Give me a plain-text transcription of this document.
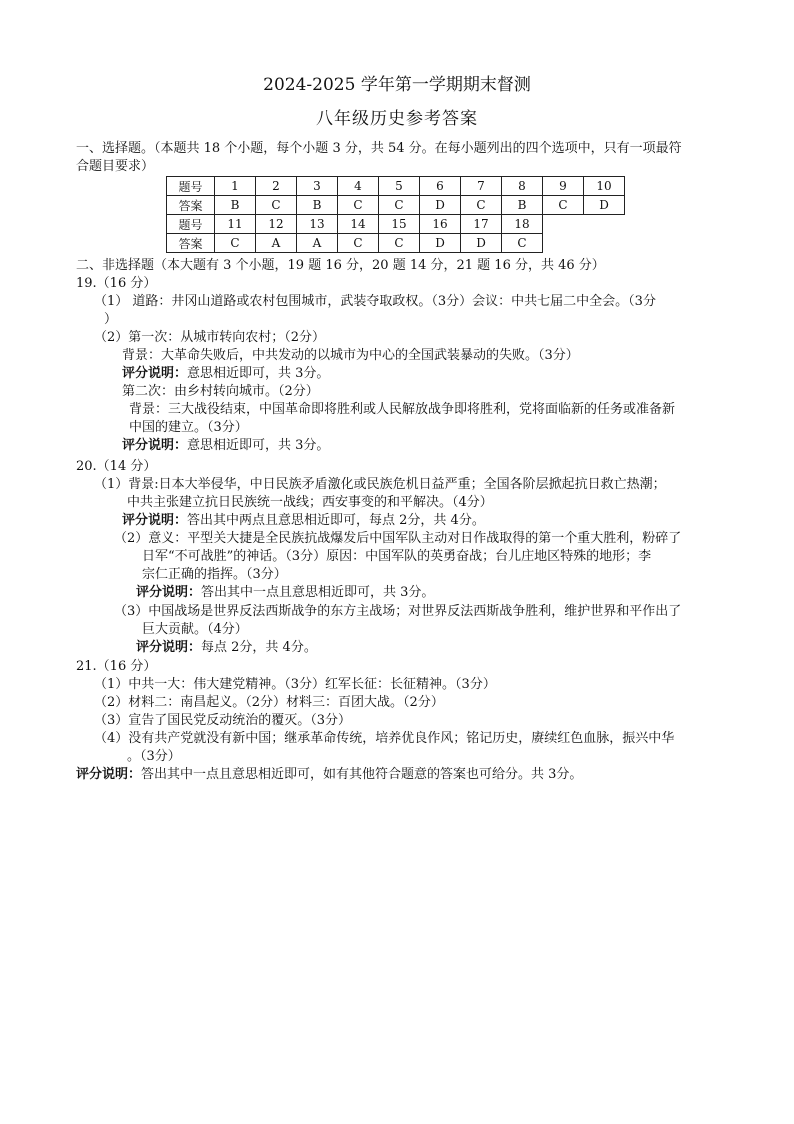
2024-2025 学年第一学期期末督测
八年级历史参考答案
一、选择题。（本题共 18 个小题，每个小题 3 分，共 54 分。在每小题列出的四个选项中，只有一项最符
合题目要求）
题号	1	2	3	4	5	6	7	8	9	10
答案	B	C	B	C	C	D	C	B	C	D
题号	11	12	13	14	15	16	17	18		
答案	C	A	A	C	C	D	D	C		
二、非选择题（本大题有 3 个小题，19 题 16 分，20 题 14 分，21 题 16 分，共 46 分）
19.（16 分）
（1） 道路：井冈山道路或农村包围城市，武装夺取政权。（3分）会议：中共七届二中全会。（3分
）
（2）第一次：从城市转向农村；（2分）
背景：大革命失败后，中共发动的以城市为中心的全国武装暴动的失败。（3分）
评分说明：意思相近即可，共 3分。
第二次：由乡村转向城市。（2分）
背景：三大战役结束，中国革命即将胜利或人民解放战争即将胜利，党将面临新的任务或准备新
中国的建立。（3分）
评分说明：意思相近即可，共 3分。
20.（14 分）
（1）背景:日本大举侵华，中日民族矛盾激化或民族危机日益严重；全国各阶层掀起抗日救亡热潮；
中共主张建立抗日民族统一战线；西安事变的和平解决。（4分）
评分说明：答出其中两点且意思相近即可，每点 2分，共 4分。
（2）意义：平型关大捷是全民族抗战爆发后中国军队主动对日作战取得的第一个重大胜利，粉碎了
日军“不可战胜”的神话。（3分）原因：中国军队的英勇奋战；台儿庄地区特殊的地形；李
宗仁正确的指挥。（3分）
评分说明：答出其中一点且意思相近即可，共 3分。
（3）中国战场是世界反法西斯战争的东方主战场；对世界反法西斯战争胜利，维护世界和平作出了
巨大贡献。（4分）
评分说明：每点 2分，共 4分。
21.（16 分）
（1）中共一大：伟大建党精神。（3分）红军长征：长征精神。（3分）
（2）材料二：南昌起义。（2分）材料三：百团大战。（2分）
（3）宣告了国民党反动统治的覆灭。（3分）
（4）没有共产党就没有新中国；继承革命传统，培养优良作风；铭记历史，赓续红色血脉，振兴中华
。（3分）
评分说明：答出其中一点且意思相近即可，如有其他符合题意的答案也可给分。共 3分。
